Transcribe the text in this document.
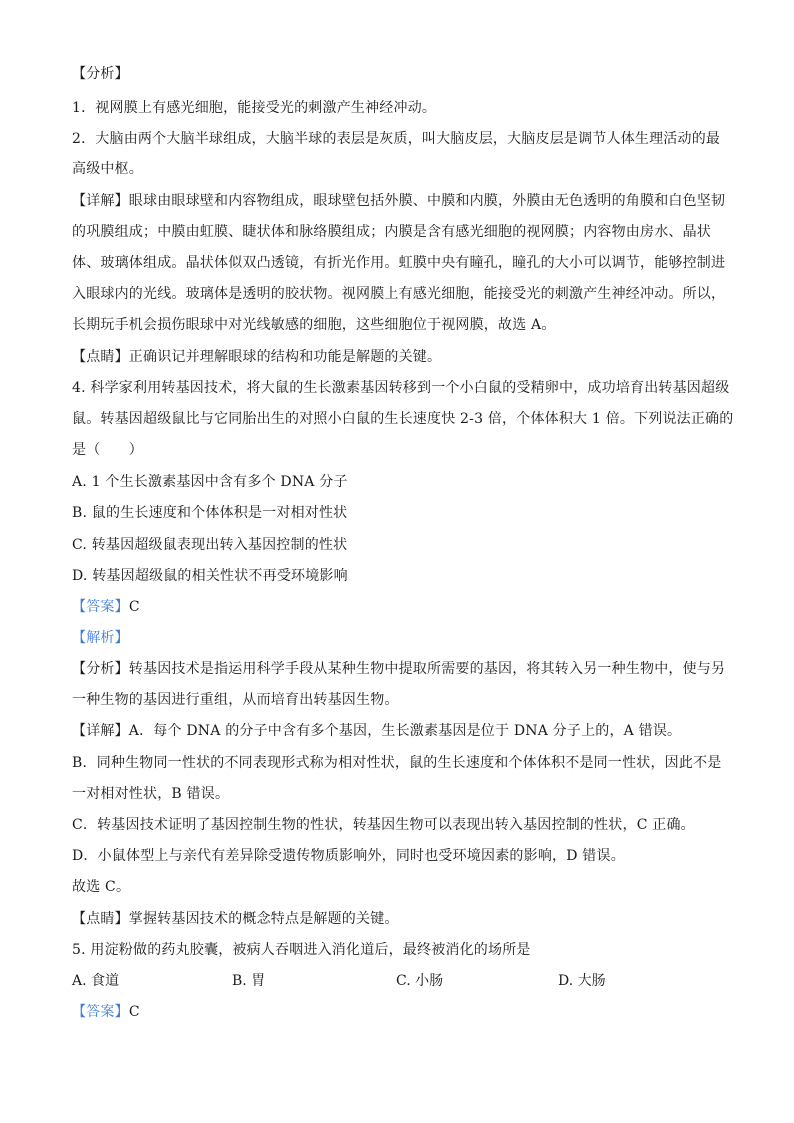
【分析】
1．视网膜上有感光细胞，能接受光的刺激产生神经冲动。
2．大脑由两个大脑半球组成，大脑半球的表层是灰质，叫大脑皮层，大脑皮层是调节人体生理活动的最
高级中枢。
【详解】眼球由眼球壁和内容物组成，眼球壁包括外膜、中膜和内膜，外膜由无色透明的角膜和白色坚韧
的巩膜组成；中膜由虹膜、睫状体和脉络膜组成；内膜是含有感光细胞的视网膜；内容物由房水、晶状
体、玻璃体组成。晶状体似双凸透镜，有折光作用。虹膜中央有瞳孔，瞳孔的大小可以调节，能够控制进
入眼球内的光线。玻璃体是透明的胶状物。视网膜上有感光细胞，能接受光的刺激产生神经冲动。所以，
长期玩手机会损伤眼球中对光线敏感的细胞，这些细胞位于视网膜，故选 A。
【点睛】正确识记并理解眼球的结构和功能是解题的关键。
4. 科学家利用转基因技术，将大鼠的生长激素基因转移到一个小白鼠的受精卵中，成功培育出转基因超级
鼠。转基因超级鼠比与它同胎出生的对照小白鼠的生长速度快 2-3 倍，个体体积大 1 倍。下列说法正确的
是（　　）
A. 1 个生长激素基因中含有多个 DNA 分子
B. 鼠的生长速度和个体体积是一对相对性状
C. 转基因超级鼠表现出转入基因控制的性状
D. 转基因超级鼠的相关性状不再受环境影响
【答案】C
【解析】
【分析】转基因技术是指运用科学手段从某种生物中提取所需要的基因，将其转入另一种生物中，使与另
一种生物的基因进行重组，从而培育出转基因生物。
【详解】A．每个 DNA 的分子中含有多个基因，生长激素基因是位于 DNA 分子上的，A 错误。
B．同种生物同一性状的不同表现形式称为相对性状，鼠的生长速度和个体体积不是同一性状，因此不是
一对相对性状，B 错误。
C．转基因技术证明了基因控制生物的性状，转基因生物可以表现出转入基因控制的性状，C 正确。
D．小鼠体型上与亲代有差异除受遗传物质影响外，同时也受环境因素的影响，D 错误。
故选 C。
【点睛】掌握转基因技术的概念特点是解题的关键。
5. 用淀粉做的药丸胶囊，被病人吞咽进入消化道后，最终被消化的场所是
A. 食道	B. 胃	C. 小肠	D. 大肠
【答案】C
